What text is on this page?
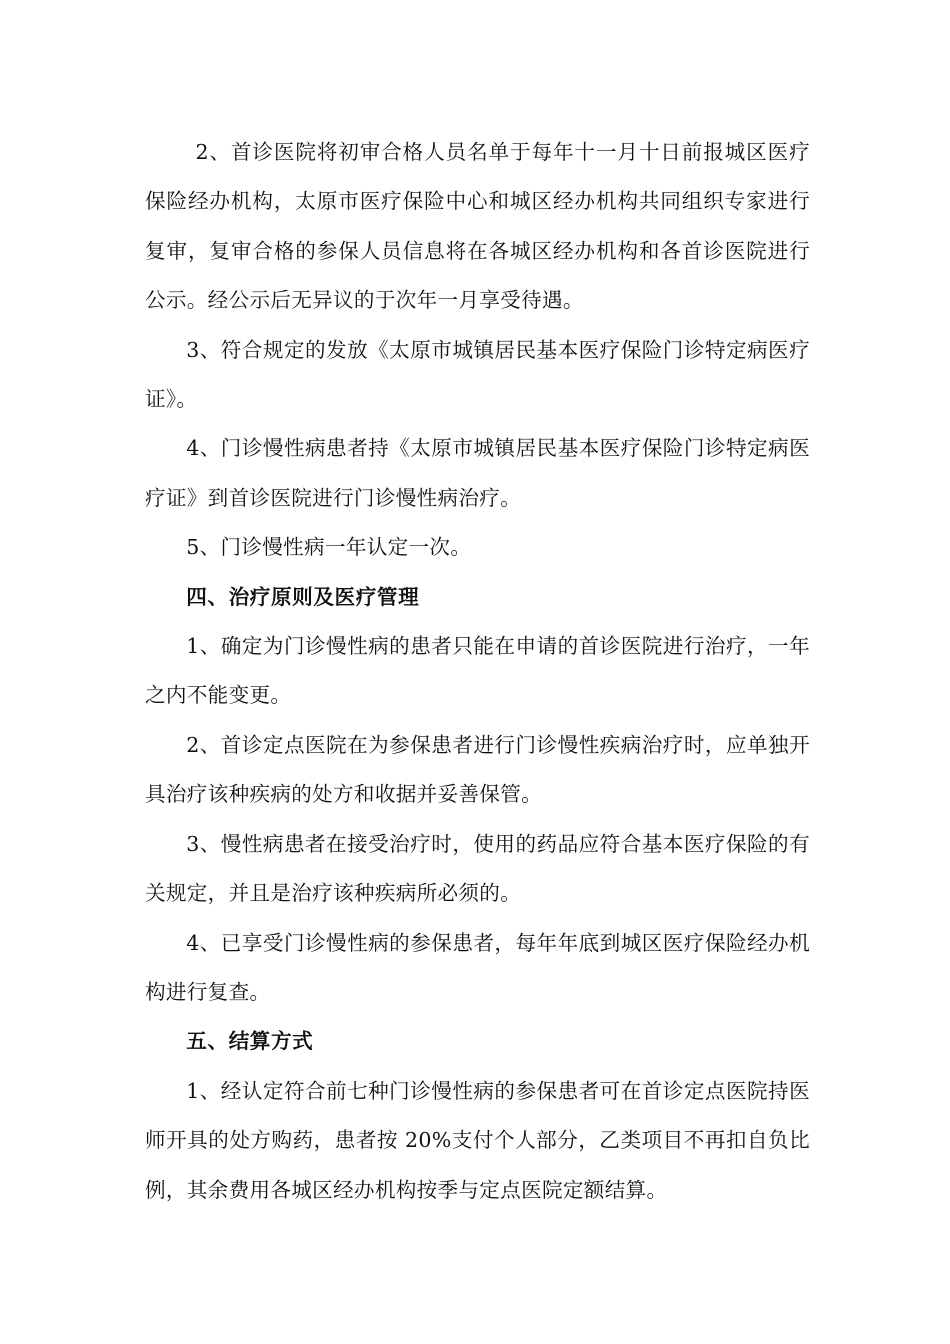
2、首诊医院将初审合格人员名单于每年十一月十日前报城区医疗保险经办机构，太原市医疗保险中心和城区经办机构共同组织专家进行复审，复审合格的参保人员信息将在各城区经办机构和各首诊医院进行公示。经公示后无异议的于次年一月享受待遇。

3、符合规定的发放《太原市城镇居民基本医疗保险门诊特定病医疗证》。

4、门诊慢性病患者持《太原市城镇居民基本医疗保险门诊特定病医疗证》到首诊医院进行门诊慢性病治疗。

5、门诊慢性病一年认定一次。

四、治疗原则及医疗管理

1、确定为门诊慢性病的患者只能在申请的首诊医院进行治疗，一年之内不能变更。

2、首诊定点医院在为参保患者进行门诊慢性疾病治疗时，应单独开具治疗该种疾病的处方和收据并妥善保管。

3、慢性病患者在接受治疗时，使用的药品应符合基本医疗保险的有关规定，并且是治疗该种疾病所必须的。

4、已享受门诊慢性病的参保患者，每年年底到城区医疗保险经办机构进行复查。

五、结算方式

1、经认定符合前七种门诊慢性病的参保患者可在首诊定点医院持医师开具的处方购药，患者按 20%支付个人部分，乙类项目不再扣自负比例，其余费用各城区经办机构按季与定点医院定额结算。
